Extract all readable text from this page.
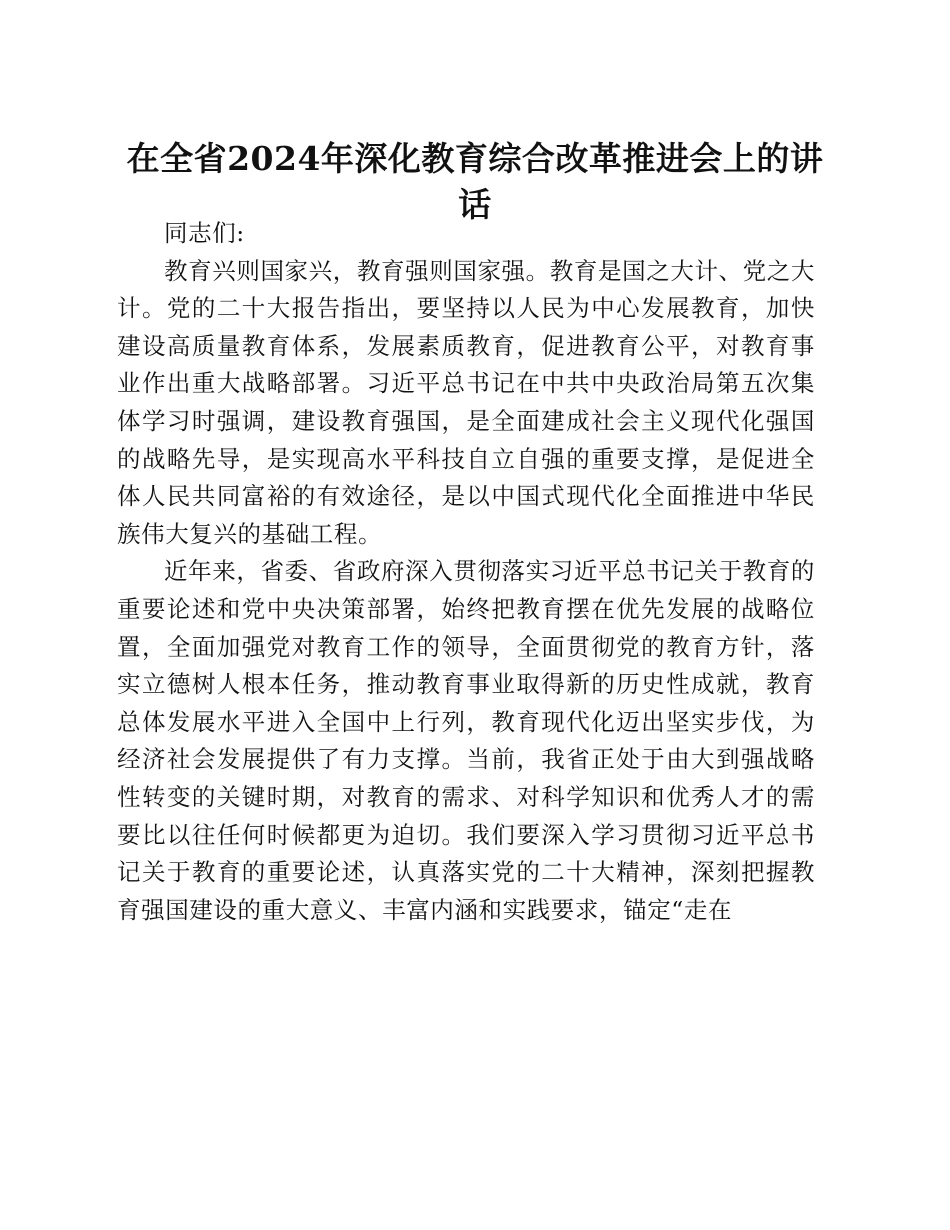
在全省2024年深化教育综合改革推进会上的讲话

同志们:

教育兴则国家兴，教育强则国家强。教育是国之大计、党之大计。党的二十大报告指出，要坚持以人民为中心发展教育，加快建设高质量教育体系，发展素质教育，促进教育公平，对教育事业作出重大战略部署。习近平总书记在中共中央政治局第五次集体学习时强调，建设教育强国，是全面建成社会主义现代化强国的战略先导，是实现高水平科技自立自强的重要支撑，是促进全体人民共同富裕的有效途径，是以中国式现代化全面推进中华民族伟大复兴的基础工程。

近年来，省委、省政府深入贯彻落实习近平总书记关于教育的重要论述和党中央决策部署，始终把教育摆在优先发展的战略位置，全面加强党对教育工作的领导，全面贯彻党的教育方针，落实立德树人根本任务，推动教育事业取得新的历史性成就，教育总体发展水平进入全国中上行列，教育现代化迈出坚实步伐，为经济社会发展提供了有力支撑。当前，我省正处于由大到强战略性转变的关键时期，对教育的需求、对科学知识和优秀人才的需要比以往任何时候都更为迫切。我们要深入学习贯彻习近平总书记关于教育的重要论述，认真落实党的二十大精神，深刻把握教育强国建设的重大意义、丰富内涵和实践要求，锚定“走在
